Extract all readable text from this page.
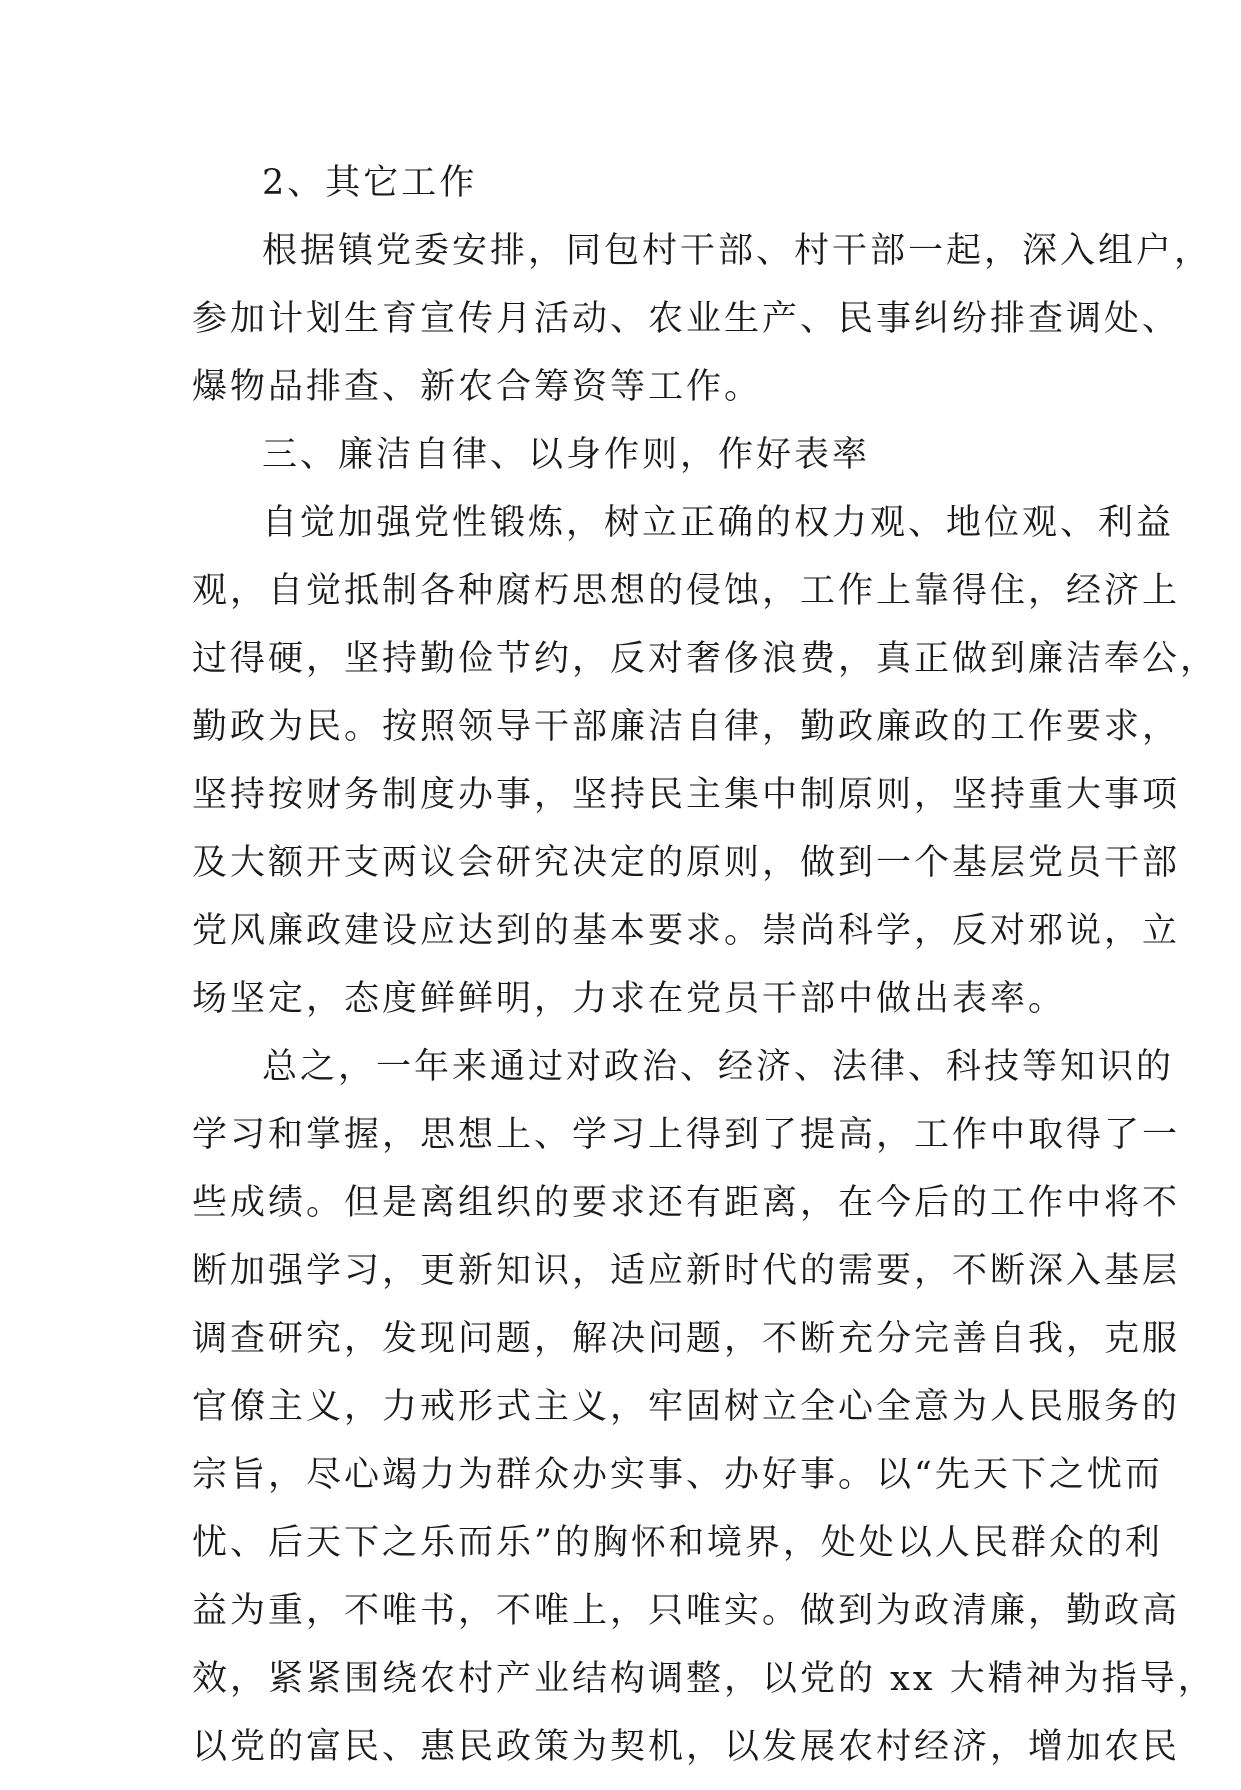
2、其它工作
根据镇党委安排，同包村干部、村干部一起，深入组户，
参加计划生育宣传月活动、农业生产、民事纠纷排查调处、
爆物品排查、新农合筹资等工作。
三、廉洁自律、以身作则，作好表率
自觉加强党性锻炼，树立正确的权力观、地位观、利益
观，自觉抵制各种腐朽思想的侵蚀，工作上靠得住，经济上
过得硬，坚持勤俭节约，反对奢侈浪费，真正做到廉洁奉公，
勤政为民。按照领导干部廉洁自律，勤政廉政的工作要求，
坚持按财务制度办事，坚持民主集中制原则，坚持重大事项
及大额开支两议会研究决定的原则，做到一个基层党员干部
党风廉政建设应达到的基本要求。崇尚科学，反对邪说，立
场坚定，态度鲜鲜明，力求在党员干部中做出表率。
总之，一年来通过对政治、经济、法律、科技等知识的
学习和掌握，思想上、学习上得到了提高，工作中取得了一
些成绩。但是离组织的要求还有距离，在今后的工作中将不
断加强学习，更新知识，适应新时代的需要，不断深入基层
调查研究，发现问题，解决问题，不断充分完善自我，克服
官僚主义，力戒形式主义，牢固树立全心全意为人民服务的
宗旨，尽心竭力为群众办实事、办好事。以“先天下之忧而
忧、后天下之乐而乐”的胸怀和境界，处处以人民群众的利
益为重，不唯书，不唯上，只唯实。做到为政清廉，勤政高
效，紧紧围绕农村产业结构调整，以党的 xx 大精神为指导，
以党的富民、惠民政策为契机，以发展农村经济，增加农民
